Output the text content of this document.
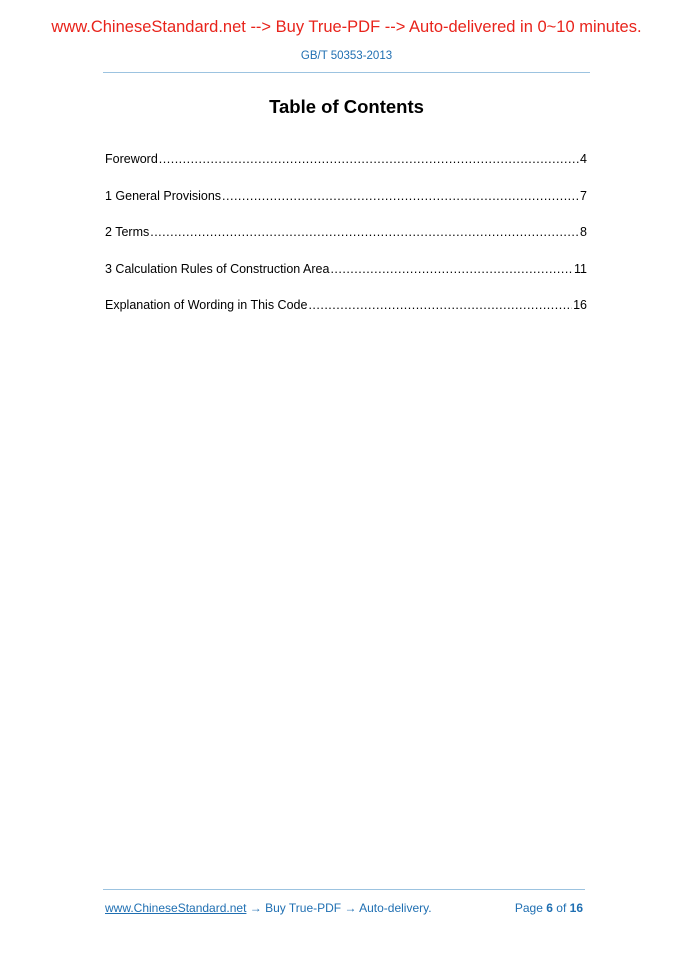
www.ChineseStandard.net --> Buy True-PDF --> Auto-delivered in 0~10 minutes.
GB/T 50353-2013
Table of Contents
Foreword .....	4
1 General Provisions .....	7
2 Terms .....	8
3 Calculation Rules of Construction Area .....	11
Explanation of Wording in This Code .....	16
www.ChineseStandard.net → Buy True-PDF → Auto-delivery.	Page 6 of 16
